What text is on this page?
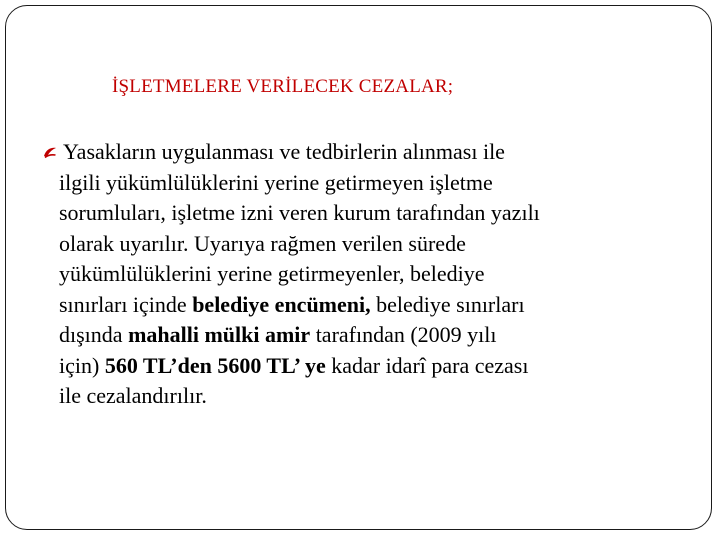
İŞLETMELERE VERİLECEK CEZALAR;
Yasakların uygulanması ve tedbirlerin alınması ile
ilgili yükümlülüklerini yerine getirmeyen işletme
sorumluları, işletme izni veren kurum tarafından yazılı
olarak uyarılır. Uyarıya rağmen verilen sürede
yükümlülüklerini yerine getirmeyenler, belediye
sınırları içinde belediye encümeni, belediye sınırları
dışında mahalli mülki amir tarafından (2009 yılı
için) 560 TL’den 5600 TL’ ye kadar idarî para cezası
ile cezalandırılır.
